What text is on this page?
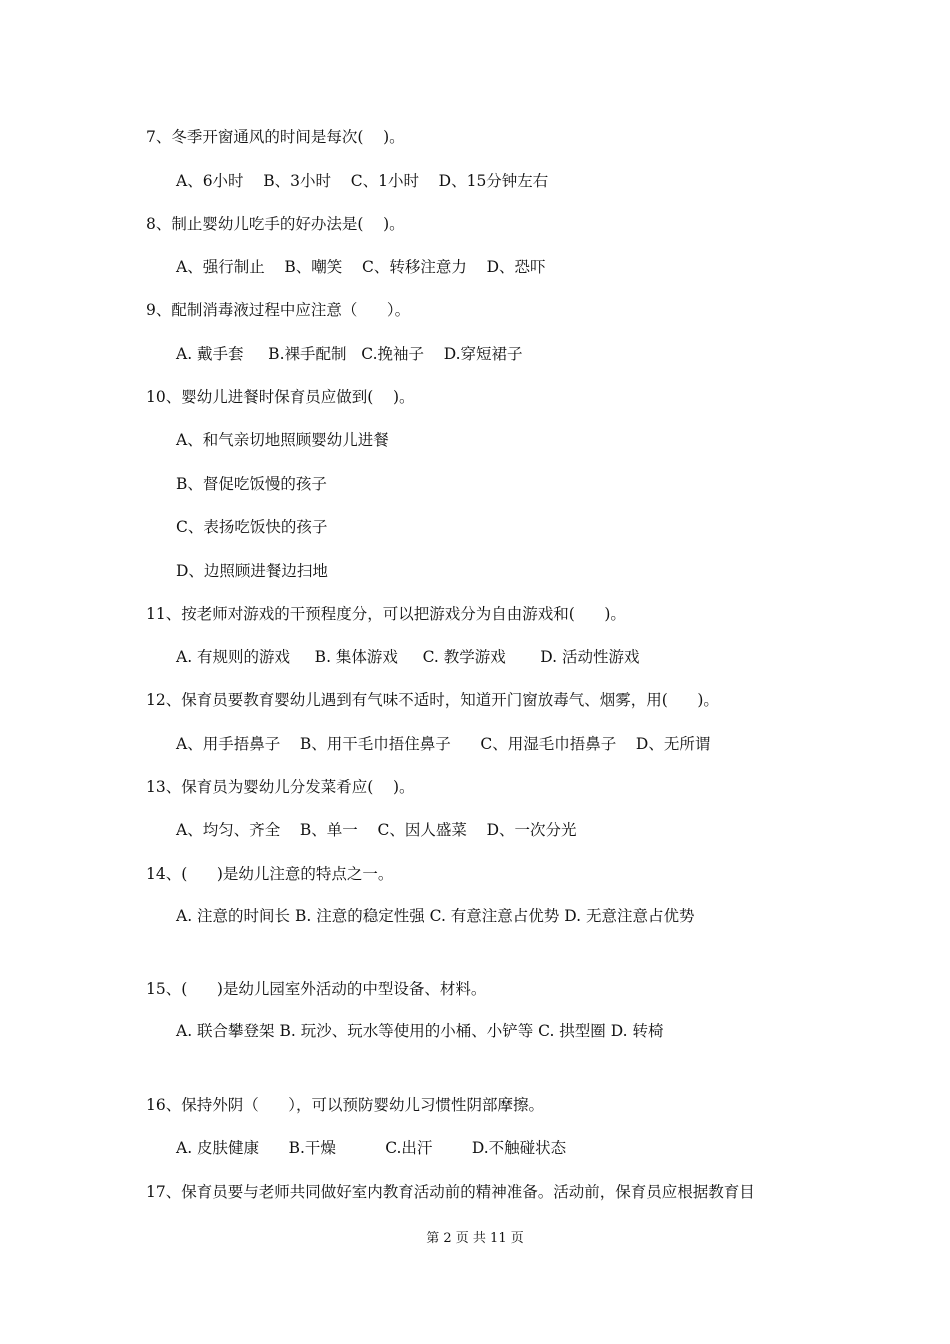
7、冬季开窗通风的时间是每次(    )。

A、6小时    B、3小时    C、1小时    D、15分钟左右

8、制止婴幼儿吃手的好办法是(    )。

A、强行制止    B、嘲笑    C、转移注意力    D、恐吓

9、配制消毒液过程中应注意（      ）。

A. 戴手套     B.裸手配制   C.挽袖子    D.穿短裙子

10、婴幼儿进餐时保育员应做到(    )。

A、和气亲切地照顾婴幼儿进餐

B、督促吃饭慢的孩子

C、表扬吃饭快的孩子

D、边照顾进餐边扫地

11、按老师对游戏的干预程度分，可以把游戏分为自由游戏和(      )。

A. 有规则的游戏     B. 集体游戏     C. 教学游戏       D. 活动性游戏

12、保育员要教育婴幼儿遇到有气味不适时，知道开门窗放毒气、烟雾，用(      )。

A、用手捂鼻子    B、用干毛巾捂住鼻子      C、用湿毛巾捂鼻子    D、无所谓

13、保育员为婴幼儿分发菜肴应(    )。

A、均匀、齐全    B、单一    C、因人盛菜    D、一次分光

14、(      )是幼儿注意的特点之一。

A. 注意的时间长 B. 注意的稳定性强 C. 有意注意占优势 D. 无意注意占优势

15、(      )是幼儿园室外活动的中型设备、材料。

A. 联合攀登架 B. 玩沙、玩水等使用的小桶、小铲等 C. 拱型圈 D. 转椅

16、保持外阴（      ），可以预防婴幼儿习惯性阴部摩擦。

A. 皮肤健康      B.干燥          C.出汗        D.不触碰状态

17、保育员要与老师共同做好室内教育活动前的精神准备。活动前，保育员应根据教育目

第 2 页 共 11 页
